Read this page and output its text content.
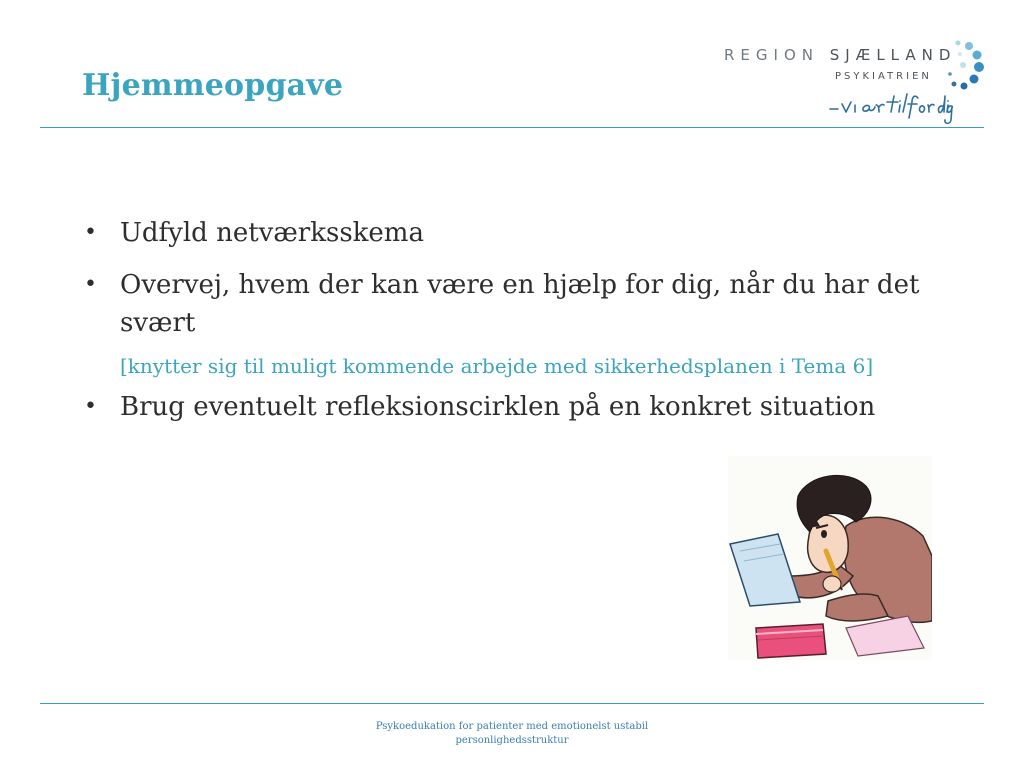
Hjemmeopgave
REGION SJÆLLAND
PSYKIATRIEN
• Udfyld netværksskema
• Overvej, hvem der kan være en hjælp for dig, når du har det svært
[knytter sig til muligt kommende arbejde med sikkerhedsplanen i Tema 6]
• Brug eventuelt refleksionscirklen på en konkret situation
Psykoedukation for patienter med emotionelst ustabil
personlighedsstruktur
